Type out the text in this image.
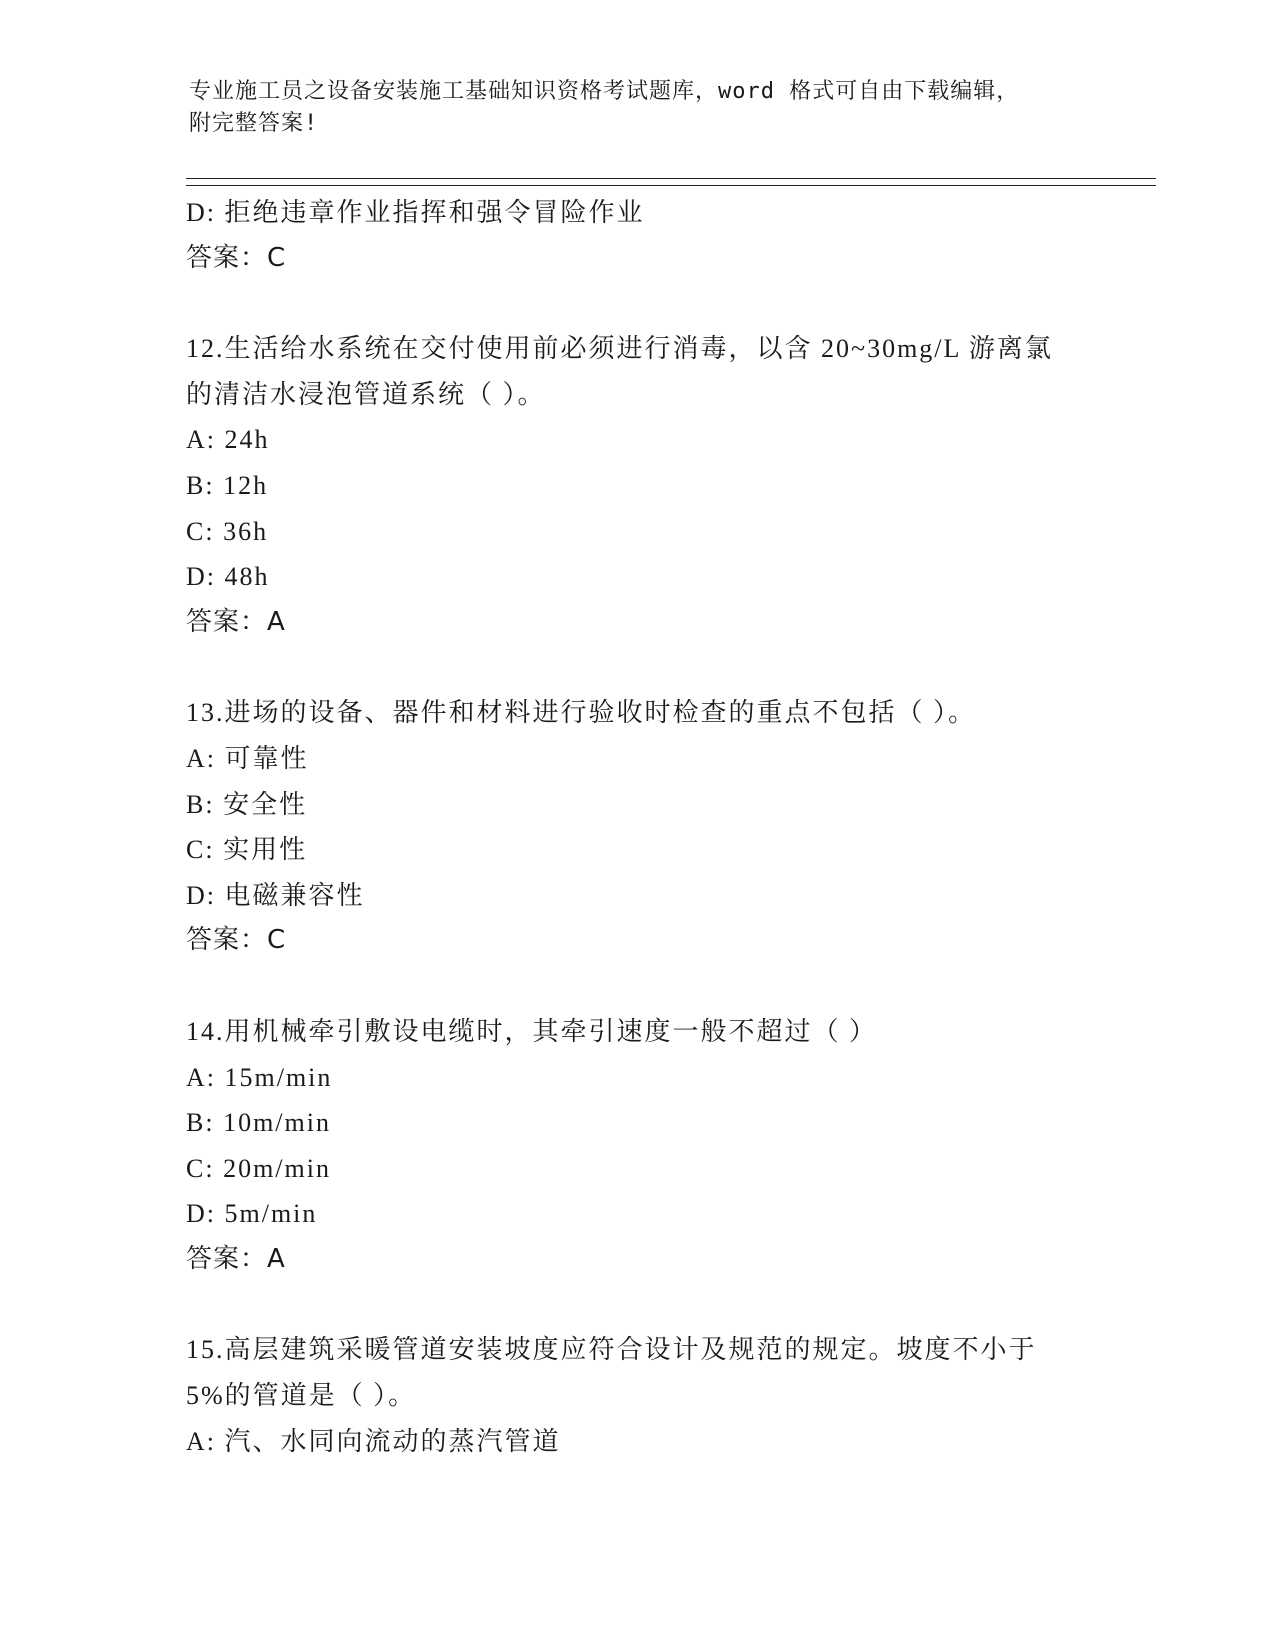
专业施工员之设备安装施工基础知识资格考试题库，word 格式可自由下载编辑，
附完整答案!
D: 拒绝违章作业指挥和强令冒险作业
答案：C
12.生活给水系统在交付使用前必须进行消毒，以含 20~30mg/L 游离氯
的清洁水浸泡管道系统（ ）。
A: 24h
B: 12h
C: 36h
D: 48h
答案：A
13.进场的设备、器件和材料进行验收时检查的重点不包括（ ）。
A: 可靠性
B: 安全性
C: 实用性
D: 电磁兼容性
答案：C
14.用机械牵引敷设电缆时，其牵引速度一般不超过（ ）
A: 15m/min
B: 10m/min
C: 20m/min
D: 5m/min
答案：A
15.高层建筑采暖管道安装坡度应符合设计及规范的规定。坡度不小于
5%的管道是（ ）。
A: 汽、水同向流动的蒸汽管道
